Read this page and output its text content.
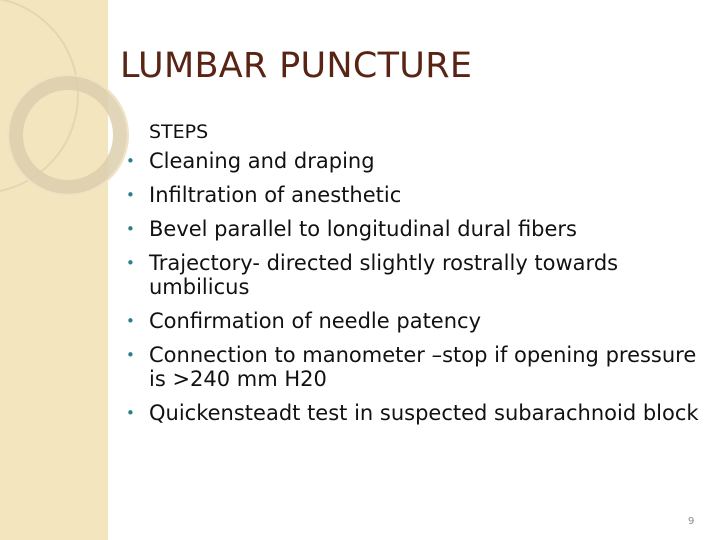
LUMBAR PUNCTURE
STEPS
• Cleaning and draping
• Infiltration of anesthetic
• Bevel parallel to longitudinal dural fibers
• Trajectory- directed slightly rostrally towards umbilicus
• Confirmation of needle patency
• Connection to manometer –stop if opening pressure is >240 mm H20
• Quickensteadt test in suspected subarachnoid block
9
